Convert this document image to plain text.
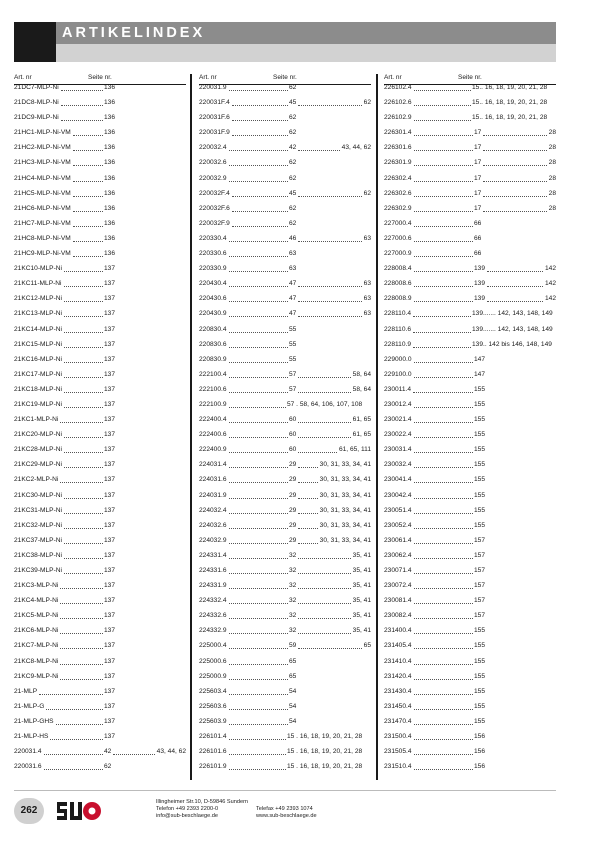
ARTIKELINDEX
Art. nr	Seite nr.
21DC7-MLP-Ni	136
21DC8-MLP-Ni	136
21DC9-MLP-Ni	136
21HC1-MLP-Ni-VM	136
21HC2-MLP-Ni-VM	136
21HC3-MLP-Ni-VM	136
21HC4-MLP-Ni-VM	136
21HC5-MLP-Ni-VM	136
21HC6-MLP-Ni-VM	136
21HC7-MLP-Ni-VM	136
21HC8-MLP-Ni-VM	136
21HC9-MLP-Ni-VM	136
21KC10-MLP-Ni	137
21KC11-MLP-Ni	137
21KC12-MLP-Ni	137
21KC13-MLP-Ni	137
21KC14-MLP-Ni	137
21KC15-MLP-Ni	137
21KC16-MLP-Ni	137
21KC17-MLP-Ni	137
21KC18-MLP-Ni	137
21KC19-MLP-Ni	137
21KC1-MLP-Ni	137
21KC20-MLP-Ni	137
21KC28-MLP-Ni	137
21KC29-MLP-Ni	137
21KC2-MLP-Ni	137
21KC30-MLP-Ni	137
21KC31-MLP-Ni	137
21KC32-MLP-Ni	137
21KC37-MLP-Ni	137
21KC38-MLP-Ni	137
21KC39-MLP-Ni	137
21KC3-MLP-Ni	137
21KC4-MLP-Ni	137
21KC5-MLP-Ni	137
21KC6-MLP-Ni	137
21KC7-MLP-Ni	137
21KC8-MLP-Ni	137
21KC9-MLP-Ni	137
21-MLP	137
21-MLP-G	137
21-MLP-GHS	137
21-MLP-HS	137
220031.4	42	43, 44, 62
220031.6	62
Art. nr	Seite nr.
220031.9	62
220031F.4	45	62
220031F.6	62
220031F.9	62
220032.4	42	43, 44, 62
220032.6	62
220032.9	62
220032F.4	45	62
220032F.6	62
220032F.9	62
220330.4	46	63
220330.6	63
220330.9	63
220430.4	47	63
220430.6	47	63
220430.9	47	63
220830.4	55
220830.6	55
220830.9	55
222100.4	57	58, 64
222100.6	57	58, 64
222100.9	57 . 58, 64, 106, 107, 108
222400.4	60	61, 65
222400.6	60	61, 65
222400.9	60	61, 65, 111
224031.4	29	30, 31, 33, 34, 41
224031.6	29	30, 31, 33, 34, 41
224031.9	29	30, 31, 33, 34, 41
224032.4	29	30, 31, 33, 34, 41
224032.6	29	30, 31, 33, 34, 41
224032.9	29	30, 31, 33, 34, 41
224331.4	32	35, 41
224331.6	32	35, 41
224331.9	32	35, 41
224332.4	32	35, 41
224332.6	32	35, 41
224332.9	32	35, 41
225000.4	59	65
225000.6	65
225000.9	65
225603.4	54
225603.6	54
225603.9	54
226101.4	15 . 16, 18, 19, 20, 21, 28
226101.6	15 . 16, 18, 19, 20, 21, 28
226101.9	15 . 16, 18, 19, 20, 21, 28
Art. nr	Seite nr.
226102.4	15.. 16, 18, 19, 20, 21, 28
226102.6	15.. 16, 18, 19, 20, 21, 28
226102.9	15.. 16, 18, 19, 20, 21, 28
226301.4	17	28
226301.6	17	28
226301.9	17	28
226302.4	17	28
226302.6	17	28
226302.9	17	28
227000.4	66
227000.6	66
227000.9	66
228008.4	139	142
228008.6	139	142
228008.9	139	142
228110.4	139....... 142, 143, 148, 149
228110.6	139....... 142, 143, 148, 149
228110.9	139.. 142 bis 146, 148, 149
229000.0	147
229100.0	147
230011.4	155
230012.4	155
230021.4	155
230022.4	155
230031.4	155
230032.4	155
230041.4	155
230042.4	155
230051.4	155
230052.4	155
230061.4	157
230062.4	157
230071.4	157
230072.4	157
230081.4	157
230082.4	157
231400.4	155
231405.4	155
231410.4	155
231420.4	155
231430.4	155
231450.4	155
231470.4	155
231500.4	156
231505.4	156
231510.4	156
262
Illingheimer Str.10, D-59846 Sundern
Telefon +49 2393 2200-0	Telefax +49 2393 1074
info@sub-beschlaege.de	www.sub-beschlaege.de
